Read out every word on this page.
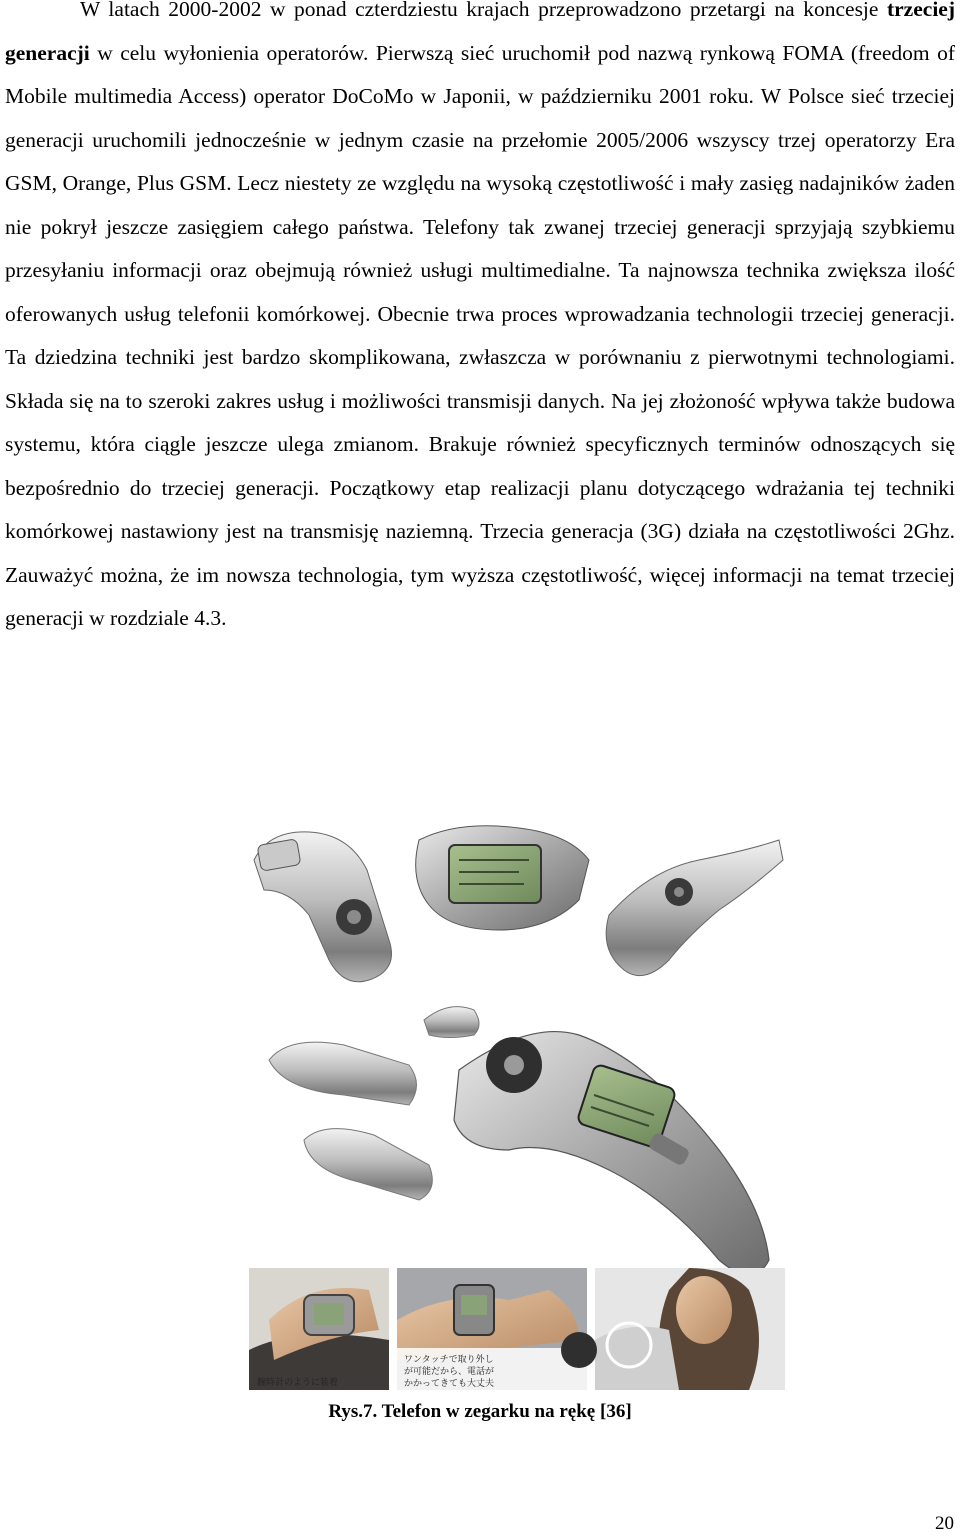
W latach 2000-2002 w ponad czterdziestu krajach przeprowadzono przetargi na koncesje trzeciej generacji w celu wyłonienia operatorów. Pierwszą sieć uruchomił pod nazwą rynkową FOMA (freedom of Mobile multimedia Access) operator DoCoMo w Japonii, w październiku 2001 roku. W Polsce sieć trzeciej generacji uruchomili jednocześnie w jednym czasie na przełomie 2005/2006 wszyscy trzej operatorzy Era GSM, Orange, Plus GSM. Lecz niestety ze względu na wysoką częstotliwość i mały zasięg nadajników żaden nie pokrył jeszcze zasięgiem całego państwa. Telefony tak zwanej trzeciej generacji sprzyjają szybkiemu przesyłaniu informacji oraz obejmują również usługi multimedialne. Ta najnowsza technika zwiększa ilość oferowanych usług telefonii komórkowej. Obecnie trwa proces wprowadzania technologii trzeciej generacji. Ta dziedzina techniki jest bardzo skomplikowana, zwłaszcza w porównaniu z pierwotnymi technologiami. Składa się na to szeroki zakres usług i możliwości transmisji danych. Na jej złożoność wpływa także budowa systemu, która ciągle jeszcze ulega zmianom. Brakuje również specyficznych terminów odnoszących się bezpośrednio do trzeciej generacji. Początkowy etap realizacji planu dotyczącego wdrażania tej techniki komórkowej nastawiony jest na transmisję naziemną. Trzecia generacja (3G) działa na częstotliwości 2Ghz. Zauważyć można, że im nowsza technologia, tym wyższa częstotliwość, więcej informacji na temat trzeciej generacji w rozdziale 4.3.

腕時計のように装着
ワンタッチで取り外し
が可能だから、電話が
かかってきても大丈夫

Rys.7. Telefon w zegarku na rękę [36]

20
